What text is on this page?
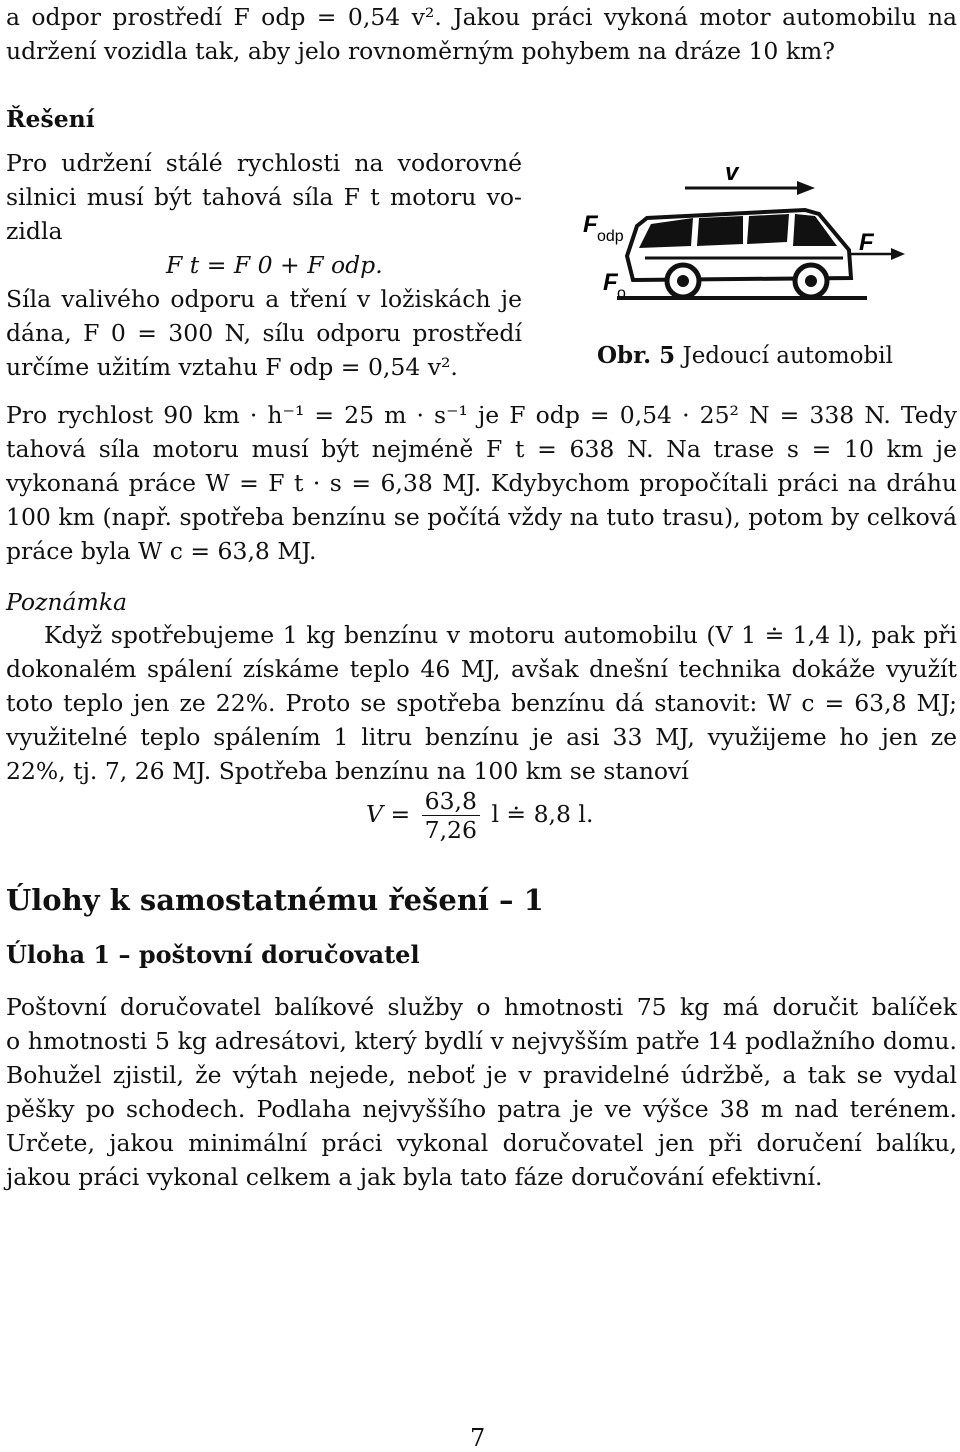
a odpor prostředí F odp = 0,54 v². Jakou práci vykoná motor automobilu na
udržení vozidla tak, aby jelo rovnoměrným pohybem na dráze 10 km?
Řešení
Pro udržení stálé rychlosti na vodorovné
silnici musí být tahová síla F t motoru vo-
zidla
F t = F 0 + F odp.
Síla valivého odporu a tření v ložiskách je
dána, F 0 = 300 N, sílu odporu prostředí
určíme užitím vztahu F odp = 0,54 v².
v
F odp
F o
F
Obr. 5 Jedoucí automobil
Pro rychlost 90 km · h⁻¹ = 25 m · s⁻¹ je F odp = 0,54 · 25² N = 338 N. Tedy
tahová síla motoru musí být nejméně F t = 638 N. Na trase s = 10 km je
vykonaná práce W = F t · s = 6,38 MJ. Kdybychom propočítali práci na dráhu
100 km (např. spotřeba benzínu se počítá vždy na tuto trasu), potom by celková
práce byla W c = 63,8 MJ.
Poznámka
Když spotřebujeme 1 kg benzínu v motoru automobilu (V 1 ≐ 1,4 l), pak při
dokonalém spálení získáme teplo 46 MJ, avšak dnešní technika dokáže využít
toto teplo jen ze 22%. Proto se spotřeba benzínu dá stanovit: W c = 63,8 MJ;
využitelné teplo spálením 1 litru benzínu je asi 33 MJ, využijeme ho jen ze
22%, tj. 7, 26 MJ. Spotřeba benzínu na 100 km se stanoví
$V = \frac{63,8}{7,26}$ l ≐ 8,8 l.
Úlohy k samostatnému řešení – 1
Úloha 1 – poštovní doručovatel
Poštovní doručovatel balíkové služby o hmotnosti 75 kg má doručit balíček
o hmotnosti 5 kg adresátovi, který bydlí v nejvyšším patře 14 podlažního domu.
Bohužel zjistil, že výtah nejede, neboť je v pravidelné údržbě, a tak se vydal
pěšky po schodech. Podlaha nejvyššího patra je ve výšce 38 m nad terénem.
Určete, jakou minimální práci vykonal doručovatel jen při doručení balíku,
jakou práci vykonal celkem a jak byla tato fáze doručování efektivní.
7
